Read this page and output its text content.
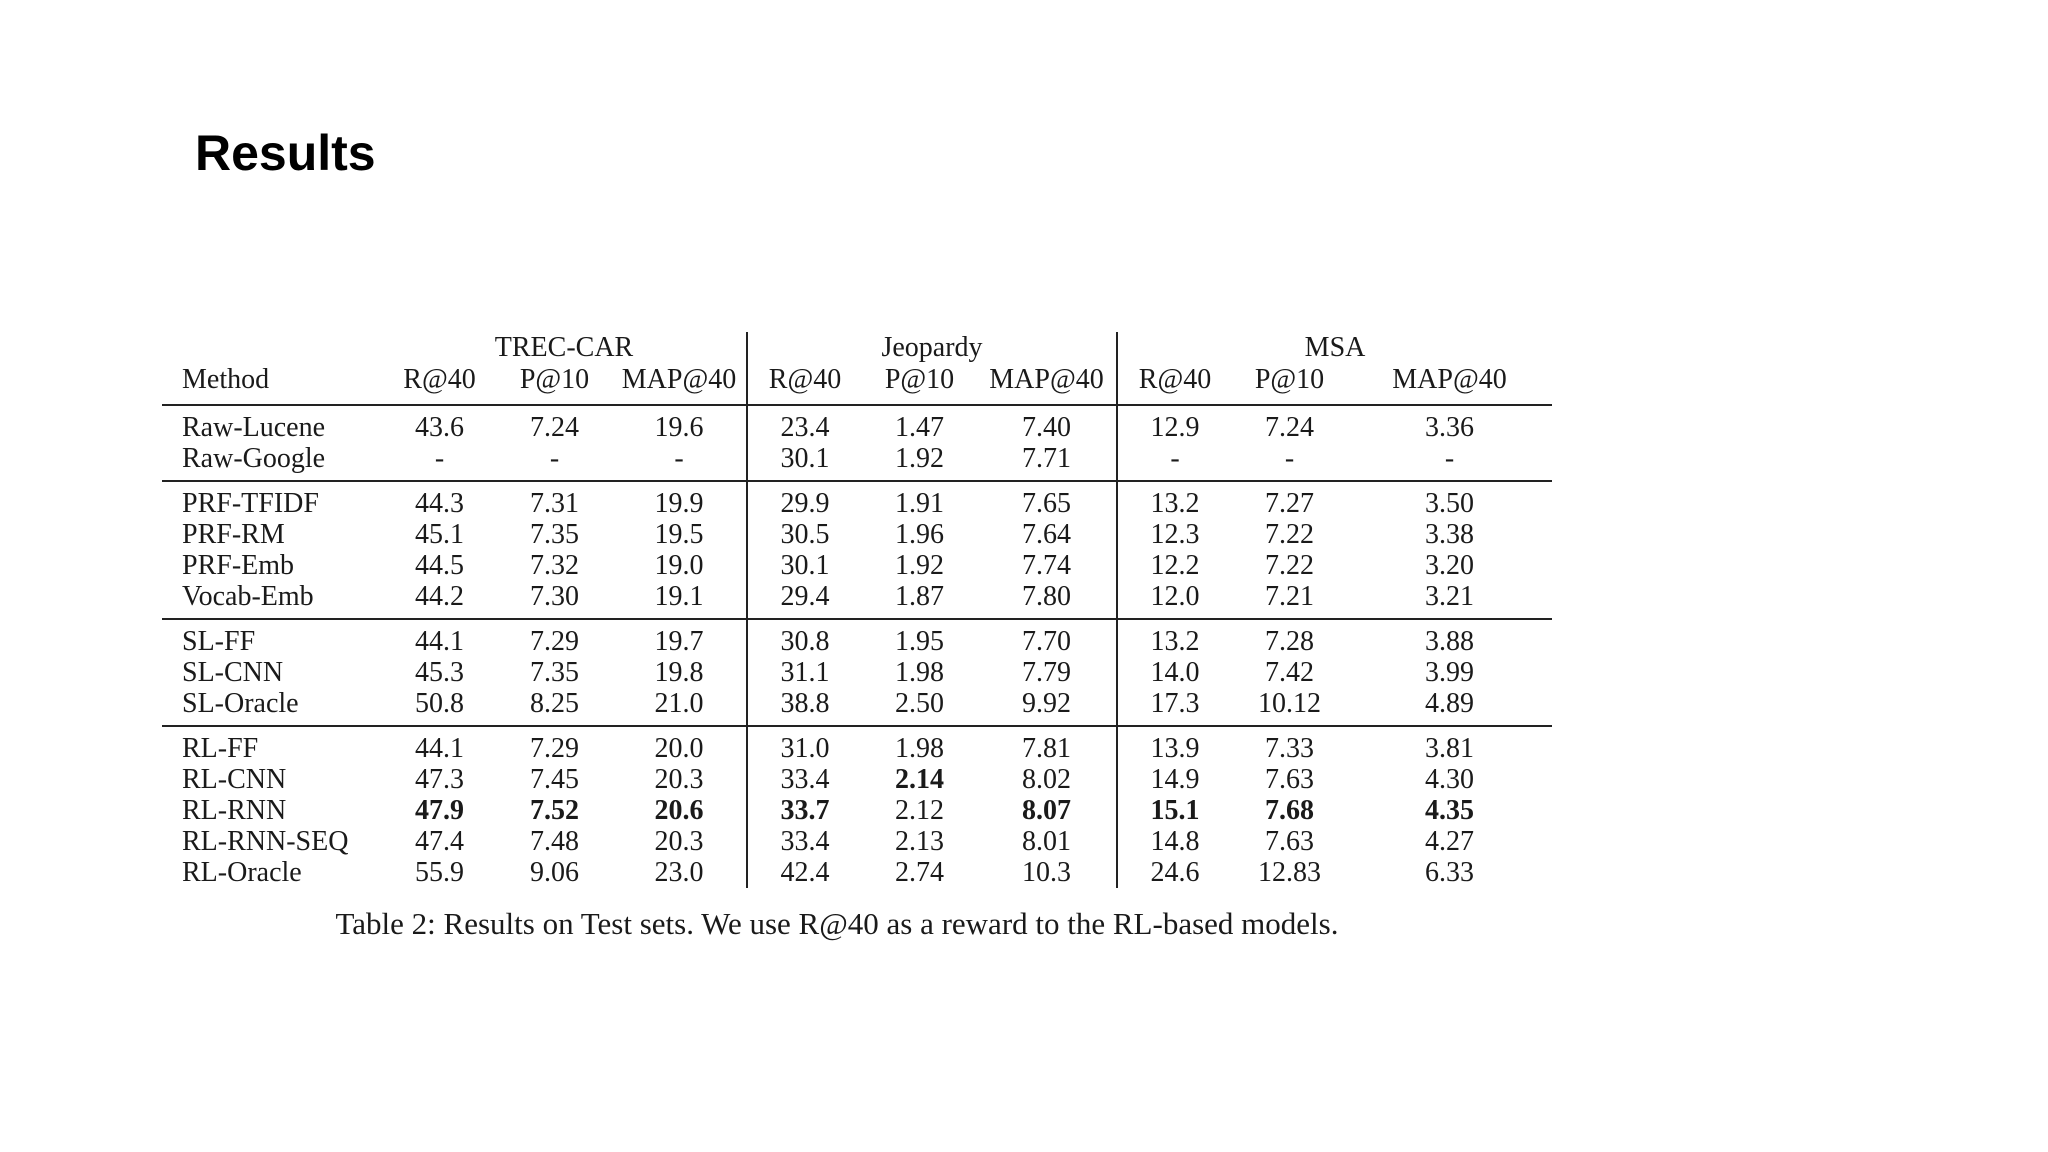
Results
	TREC-CAR			Jeopardy			MSA		
Method	R@40	P@10	MAP@40	R@40	P@10	MAP@40	R@40	P@10	MAP@40
Raw-Lucene	43.6	7.24	19.6	23.4	1.47	7.40	12.9	7.24	3.36
Raw-Google	-	-	-	30.1	1.92	7.71	-	-	-
PRF-TFIDF	44.3	7.31	19.9	29.9	1.91	7.65	13.2	7.27	3.50
PRF-RM	45.1	7.35	19.5	30.5	1.96	7.64	12.3	7.22	3.38
PRF-Emb	44.5	7.32	19.0	30.1	1.92	7.74	12.2	7.22	3.20
Vocab-Emb	44.2	7.30	19.1	29.4	1.87	7.80	12.0	7.21	3.21
SL-FF	44.1	7.29	19.7	30.8	1.95	7.70	13.2	7.28	3.88
SL-CNN	45.3	7.35	19.8	31.1	1.98	7.79	14.0	7.42	3.99
SL-Oracle	50.8	8.25	21.0	38.8	2.50	9.92	17.3	10.12	4.89
RL-FF	44.1	7.29	20.0	31.0	1.98	7.81	13.9	7.33	3.81
RL-CNN	47.3	7.45	20.3	33.4	2.14	8.02	14.9	7.63	4.30
RL-RNN	47.9	7.52	20.6	33.7	2.12	8.07	15.1	7.68	4.35
RL-RNN-SEQ	47.4	7.48	20.3	33.4	2.13	8.01	14.8	7.63	4.27
RL-Oracle	55.9	9.06	23.0	42.4	2.74	10.3	24.6	12.83	6.33
Table 2: Results on Test sets. We use R@40 as a reward to the RL-based models.
